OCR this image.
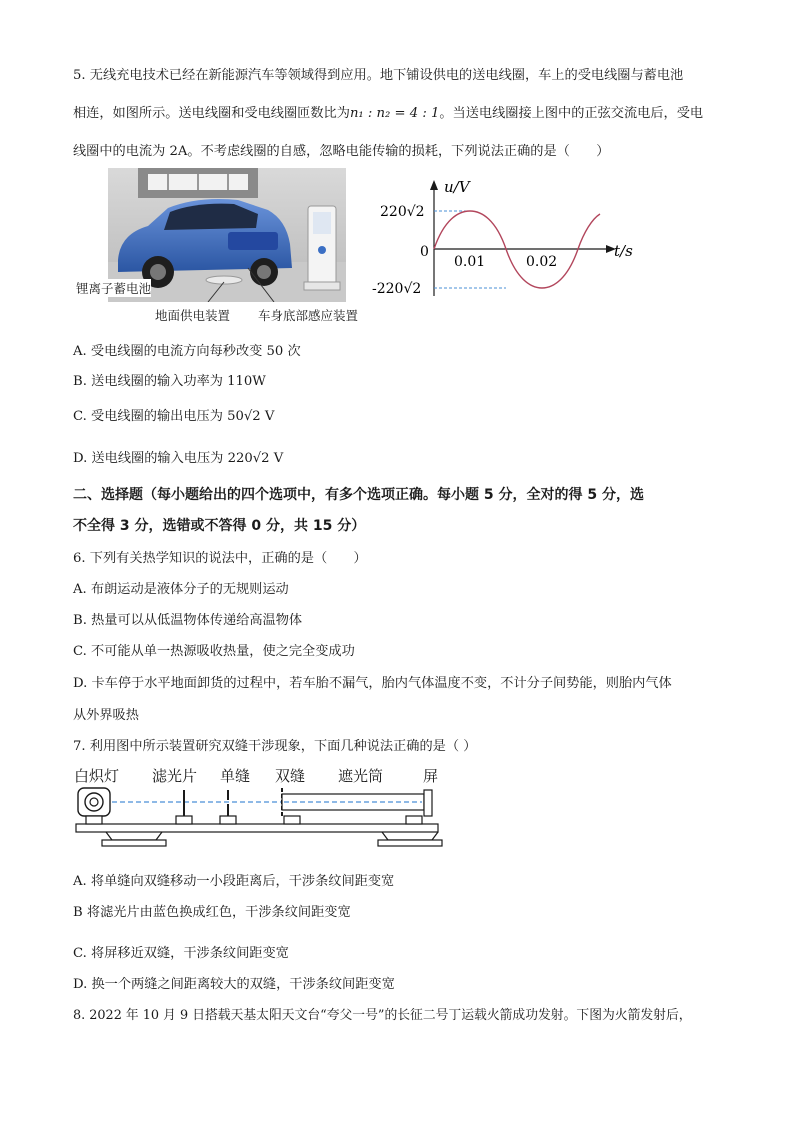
5. 无线充电技术已经在新能源汽车等领域得到应用。地下铺设供电的送电线圈，车上的受电线圈与蓄电池
相连，如图所示。送电线圈和受电线圈匝数比为n₁ : n₂ = 4 : 1。当送电线圈接上图中的正弦交流电后，受电
线圈中的电流为 2A。不考虑线圈的自感，忽略电能传输的损耗，下列说法正确的是（　　）
锂离子蓄电池
地面供电装置 车身底部感应装置
u/V
t/s
0
220√2
-220√2
0.01	0.02
A. 受电线圈的电流方向每秒改变 50 次
B. 送电线圈的输入功率为 110W
C. 受电线圈的输出电压为 50√2 V
D. 送电线圈的输入电压为 220√2 V
二、选择题（每小题给出的四个选项中，有多个选项正确。每小题 5 分，全对的得 5 分，选
不全得 3 分，选错或不答得 0 分，共 15 分）
6. 下列有关热学知识的说法中，正确的是（　　）
A. 布朗运动是液体分子的无规则运动
B. 热量可以从低温物体传递给高温物体
C. 不可能从单一热源吸收热量，使之完全变成功
D. 卡车停于水平地面卸货的过程中，若车胎不漏气，胎内气体温度不变，不计分子间势能，则胎内气体
从外界吸热
7. 利用图中所示装置研究双缝干涉现象，下面几种说法正确的是（ ）
白炽灯 滤光片 单缝 双缝 遮光筒	屏
A. 将单缝向双缝移动一小段距离后，干涉条纹间距变宽
B 将滤光片由蓝色换成红色，干涉条纹间距变宽
C. 将屏移近双缝，干涉条纹间距变宽
D. 换一个两缝之间距离较大的双缝，干涉条纹间距变宽
8. 2022 年 10 月 9 日搭载天基太阳天文台“夸父一号”的长征二号丁运载火箭成功发射。下图为火箭发射后，
